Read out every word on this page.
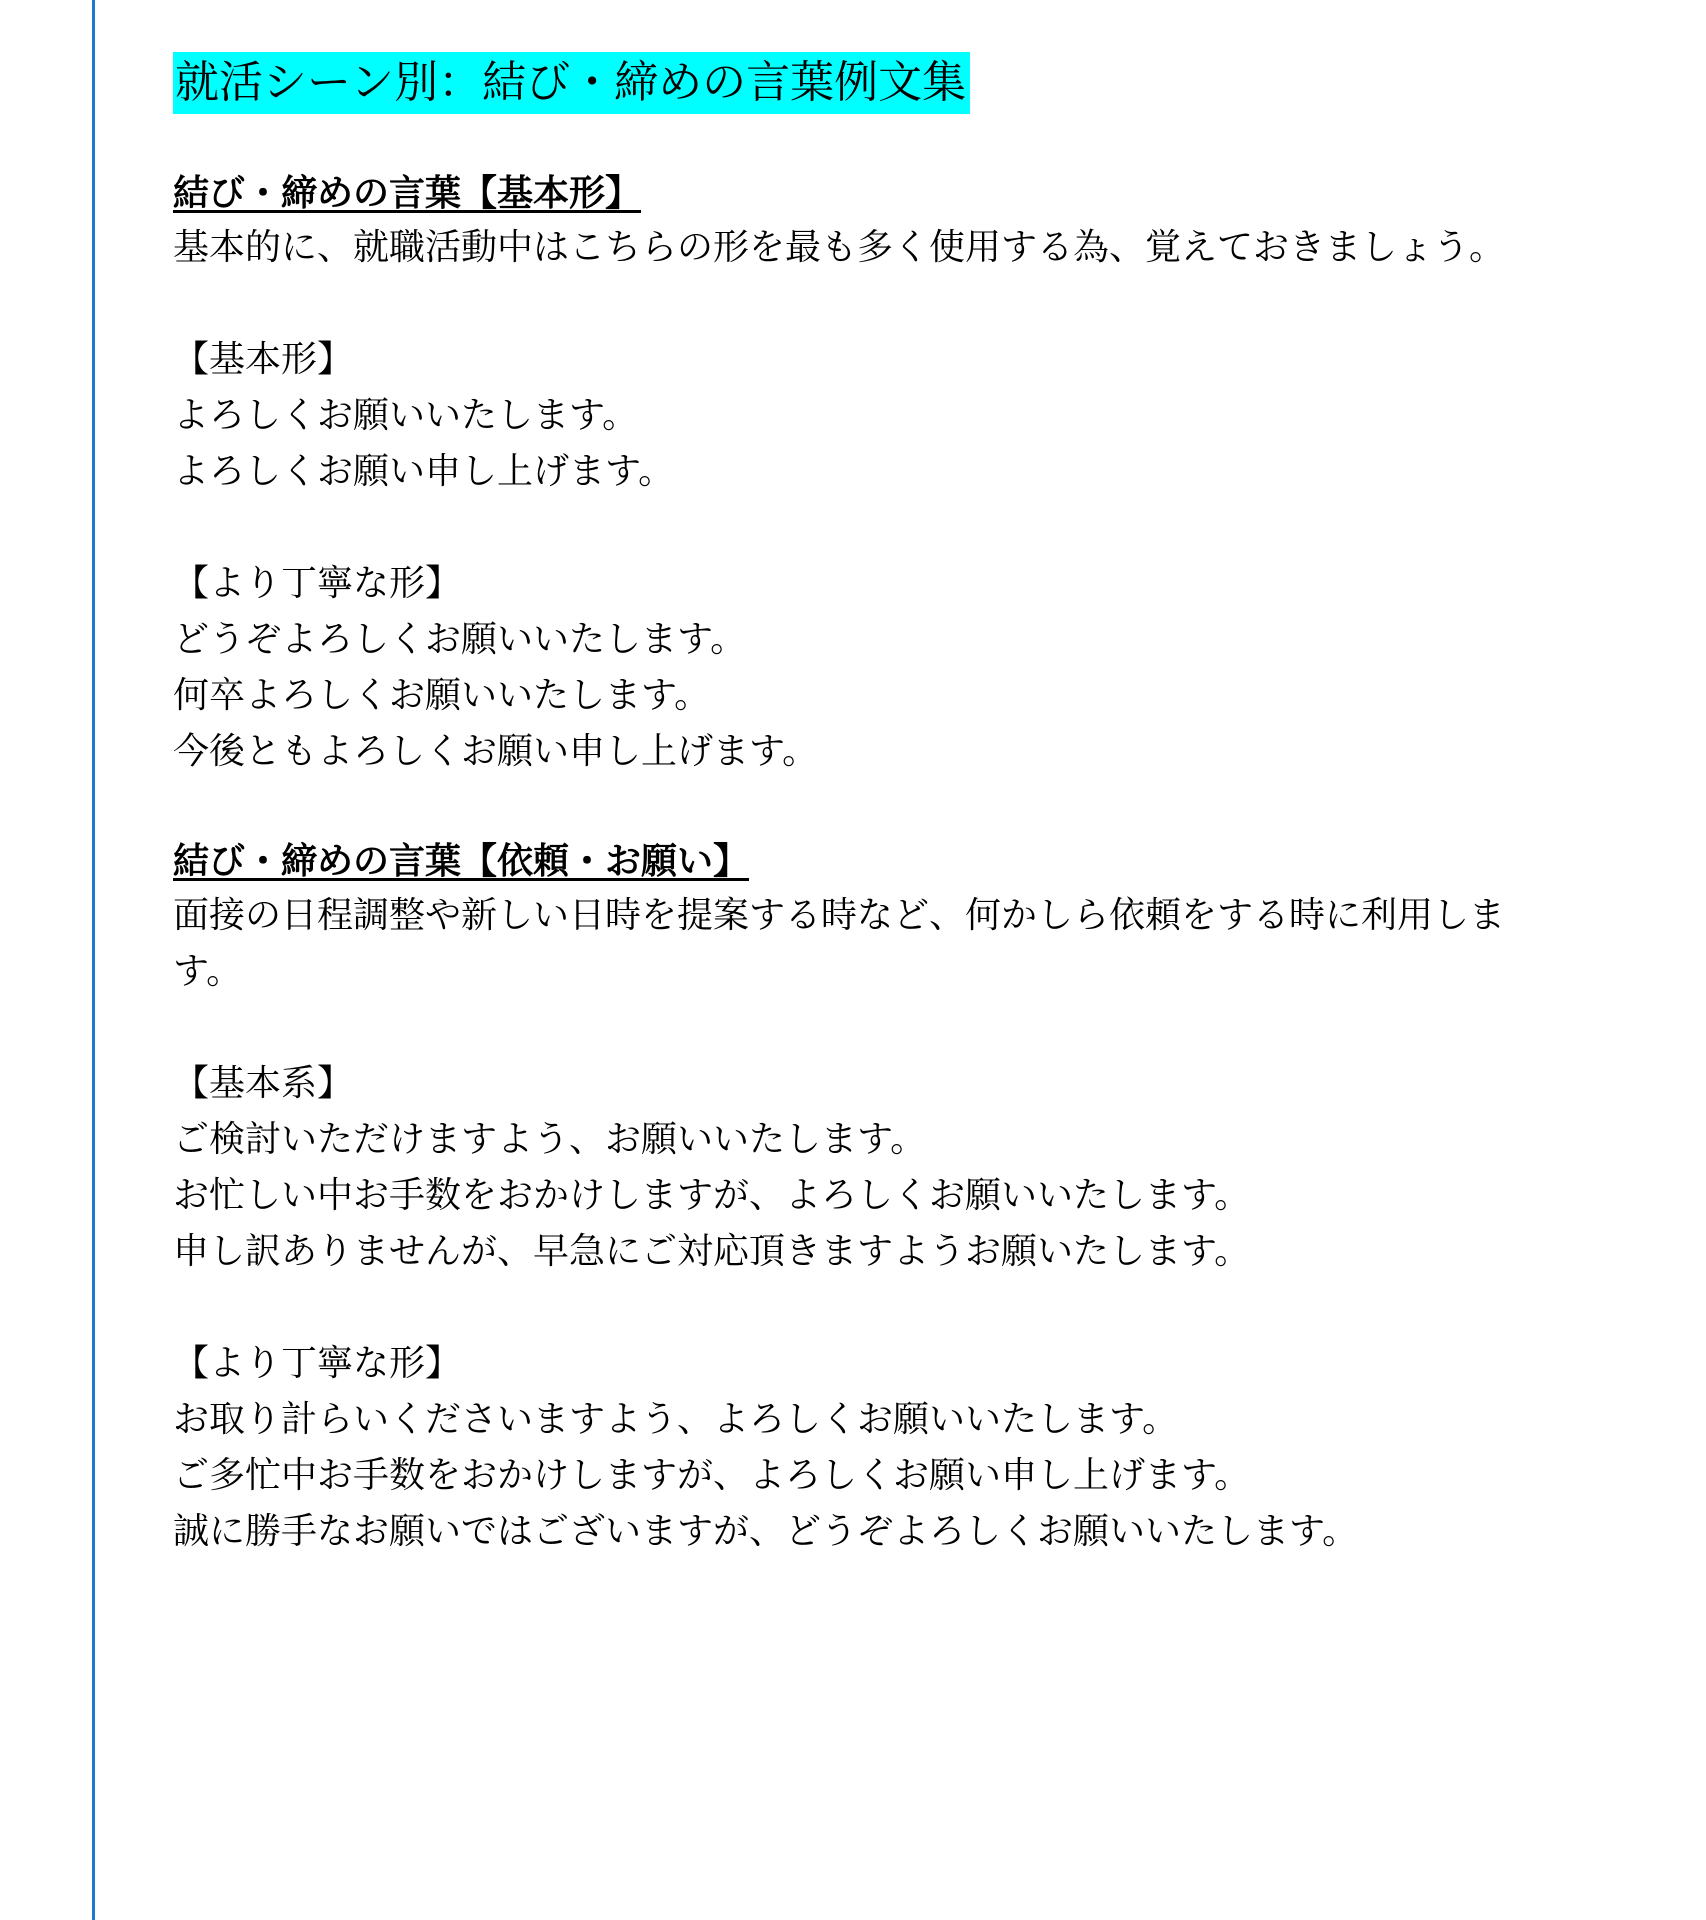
就活シーン別：結び・締めの言葉例文集

結び・締めの言葉【基本形】

基本的に、就職活動中はこちらの形を最も多く使用する為、覚えておきましょう。

【基本形】

よろしくお願いいたします。

よろしくお願い申し上げます。

【より丁寧な形】

どうぞよろしくお願いいたします。

何卒よろしくお願いいたします。

今後ともよろしくお願い申し上げます。

結び・締めの言葉【依頼・お願い】

面接の日程調整や新しい日時を提案する時など、何かしら依頼をする時に利用します。

【基本系】

ご検討いただけますよう、お願いいたします。

お忙しい中お手数をおかけしますが、よろしくお願いいたします。

申し訳ありませんが、早急にご対応頂きますようお願いたします。

【より丁寧な形】

お取り計らいくださいますよう、よろしくお願いいたします。

ご多忙中お手数をおかけしますが、よろしくお願い申し上げます。

誠に勝手なお願いではございますが、どうぞよろしくお願いいたします。
